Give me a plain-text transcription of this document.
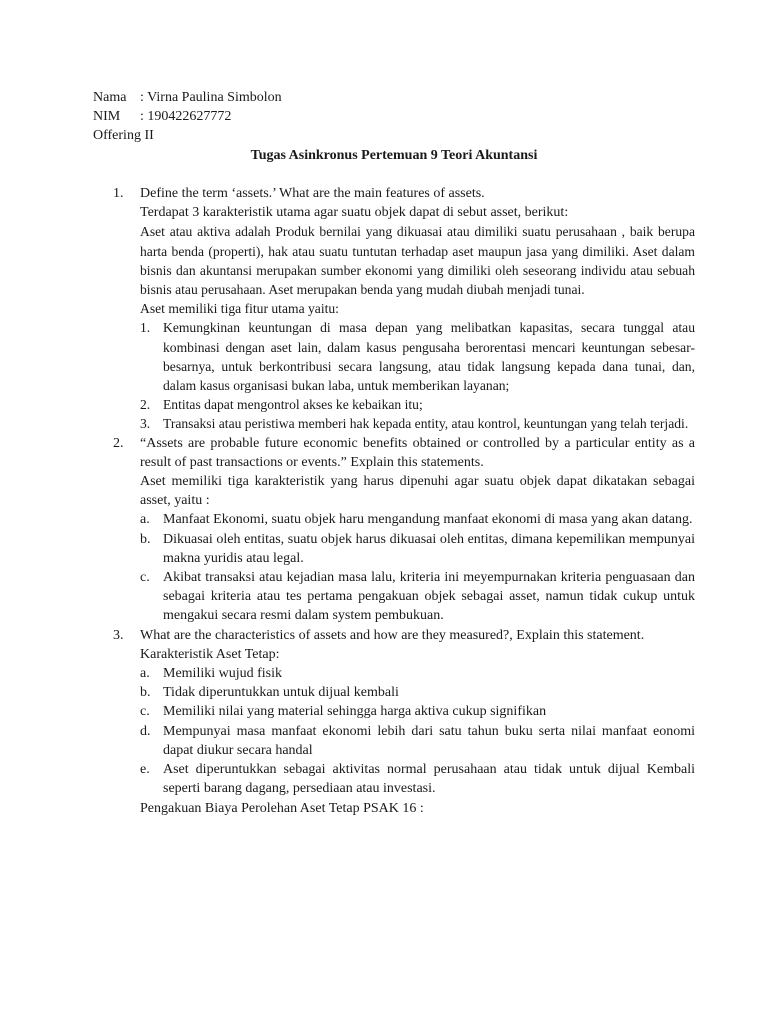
Nama : Virna Paulina Simbolon
NIM : 190422627772
Offering II
Tugas Asinkronus Pertemuan 9 Teori Akuntansi
1. Define the term ‘assets.’ What are the main features of assets.
Terdapat 3 karakteristik utama agar suatu objek dapat di sebut asset, berikut:
Aset atau aktiva adalah Produk bernilai yang dikuasai atau dimiliki suatu perusahaan , baik berupa harta benda (properti), hak atau suatu tuntutan terhadap aset maupun jasa yang dimiliki. Aset dalam bisnis dan akuntansi merupakan sumber ekonomi yang dimiliki oleh seseorang individu atau sebuah bisnis atau perusahaan. Aset merupakan benda yang mudah diubah menjadi tunai.
Aset memiliki tiga fitur utama yaitu:
1. Kemungkinan keuntungan di masa depan yang melibatkan kapasitas, secara tunggal atau kombinasi dengan aset lain, dalam kasus pengusaha berorentasi mencari keuntungan sebesar-besarnya, untuk berkontribusi secara langsung, atau tidak langsung kepada dana tunai, dan, dalam kasus organisasi bukan laba, untuk memberikan layanan;
2. Entitas dapat mengontrol akses ke kebaikan itu;
3. Transaksi atau peristiwa memberi hak kepada entity, atau kontrol, keuntungan yang telah terjadi.
2. “Assets are probable future economic benefits obtained or controlled by a particular entity as a result of past transactions or events.” Explain this statements.
Aset memiliki tiga karakteristik yang harus dipenuhi agar suatu objek dapat dikatakan sebagai asset, yaitu :
a. Manfaat Ekonomi, suatu objek haru mengandung manfaat ekonomi di masa yang akan datang.
b. Dikuasai oleh entitas, suatu objek harus dikuasai oleh entitas, dimana kepemilikan mempunyai makna yuridis atau legal.
c. Akibat transaksi atau kejadian masa lalu, kriteria ini meyempurnakan kriteria penguasaan dan sebagai kriteria atau tes pertama pengakuan objek sebagai asset, namun tidak cukup untuk mengakui secara resmi dalam system pembukuan.
3. What are the characteristics of assets and how are they measured?, Explain this statement.
Karakteristik Aset Tetap:
a. Memiliki wujud fisik
b. Tidak diperuntukkan untuk dijual kembali
c. Memiliki nilai yang material sehingga harga aktiva cukup signifikan
d. Mempunyai masa manfaat ekonomi lebih dari satu tahun buku serta nilai manfaat eonomi dapat diukur secara handal
e. Aset diperuntukkan sebagai aktivitas normal perusahaan atau tidak untuk dijual Kembali seperti barang dagang, persediaan atau investasi.
Pengakuan Biaya Perolehan Aset Tetap PSAK 16 :
